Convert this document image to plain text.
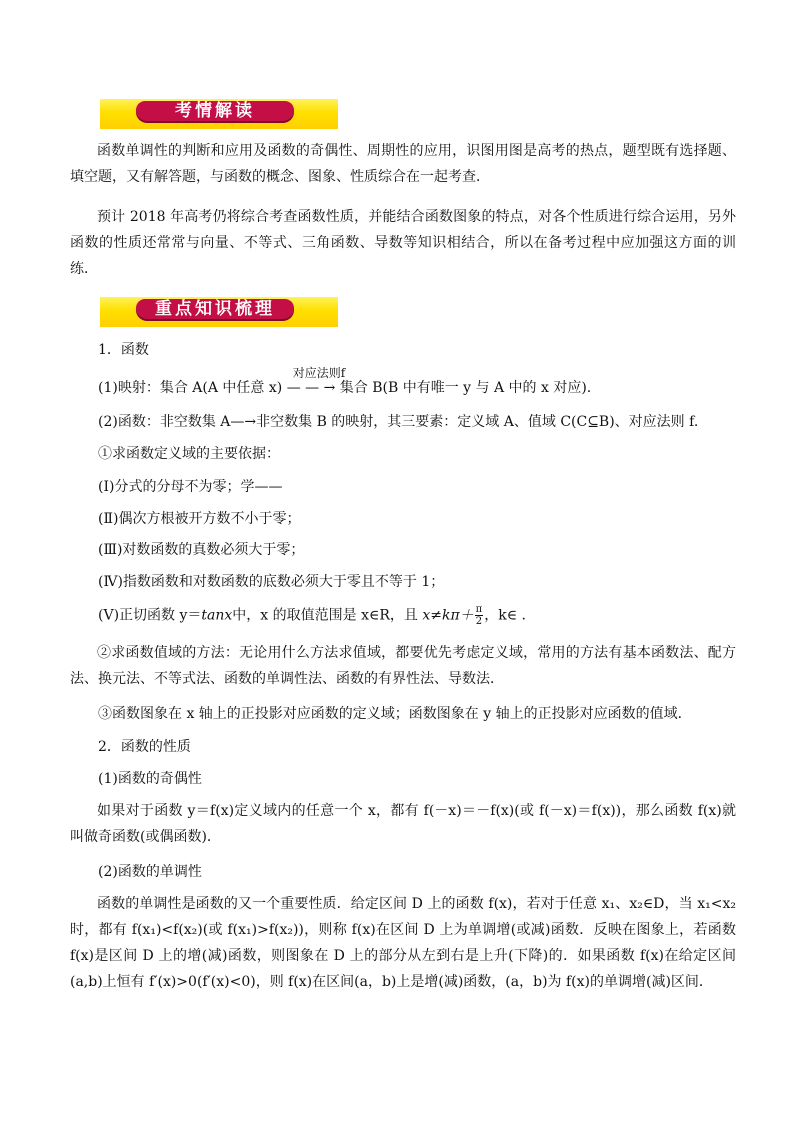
考情解读
函数单调性的判断和应用及函数的奇偶性、周期性的应用，识图用图是高考的热点，题型既有选择题、填空题，又有解答题，与函数的概念、图象、性质综合在一起考查．
预计 2018 年高考仍将综合考查函数性质，并能结合函数图象的特点，对各个性质进行综合运用，另外函数的性质还常常与向量、不等式、三角函数、导数等知识相结合，所以在备考过程中应加强这方面的训练．
重点知识梳理
1．函数
(1)映射：集合 A(A 中任意 x)
对应法则f
— — → 集合 B(B 中有唯一 y 与 A 中的 x 对应).
(2)函数：非空数集 A—→非空数集 B 的映射，其三要素：定义域 A、值域 C(C⊆B)、对应法则 f.
①求函数定义域的主要依据：
(Ⅰ)分式的分母不为零；学——
(Ⅱ)偶次方根被开方数不小于零；
(Ⅲ)对数函数的真数必须大于零；
(Ⅳ)指数函数和对数函数的底数必须大于零且不等于 1；
(Ⅴ)正切函数 y＝tanx中，x 的取值范围是 x∈R，且 $x\ne k\pi+ \frac{\pi}{2}$ ，k∈ .
②求函数值域的方法：无论用什么方法求值域，都要优先考虑定义域，常用的方法有基本函数法、配方法、换元法、不等式法、函数的单调性法、函数的有界性法、导数法．
③函数图象在 x 轴上的正投影对应函数的定义域；函数图象在 y 轴上的正投影对应函数的值域．
2．函数的性质
(1)函数的奇偶性
如果对于函数 y＝f(x)定义域内的任意一个 x，都有 f(－x)＝－f(x)(或 f(－x)＝f(x))，那么函数 f(x)就叫做奇函数(或偶函数)．
(2)函数的单调性
函数的单调性是函数的又一个重要性质．给定区间 D 上的函数 f(x)，若对于任意 x₁、x₂∈D，当 x₁<x₂时，都有 f(x₁)<f(x₂)(或 f(x₁)>f(x₂))，则称 f(x)在区间 D 上为单调增(或减)函数．反映在图象上，若函数 f(x)是区间 D 上的增(减)函数，则图象在 D 上的部分从左到右是上升(下降)的．如果函数 f(x)在给定区间(a,b)上恒有 f′(x)>0(f′(x)<0)，则 f(x)在区间(a，b)上是增(减)函数，(a，b)为 f(x)的单调增(减)区间．
